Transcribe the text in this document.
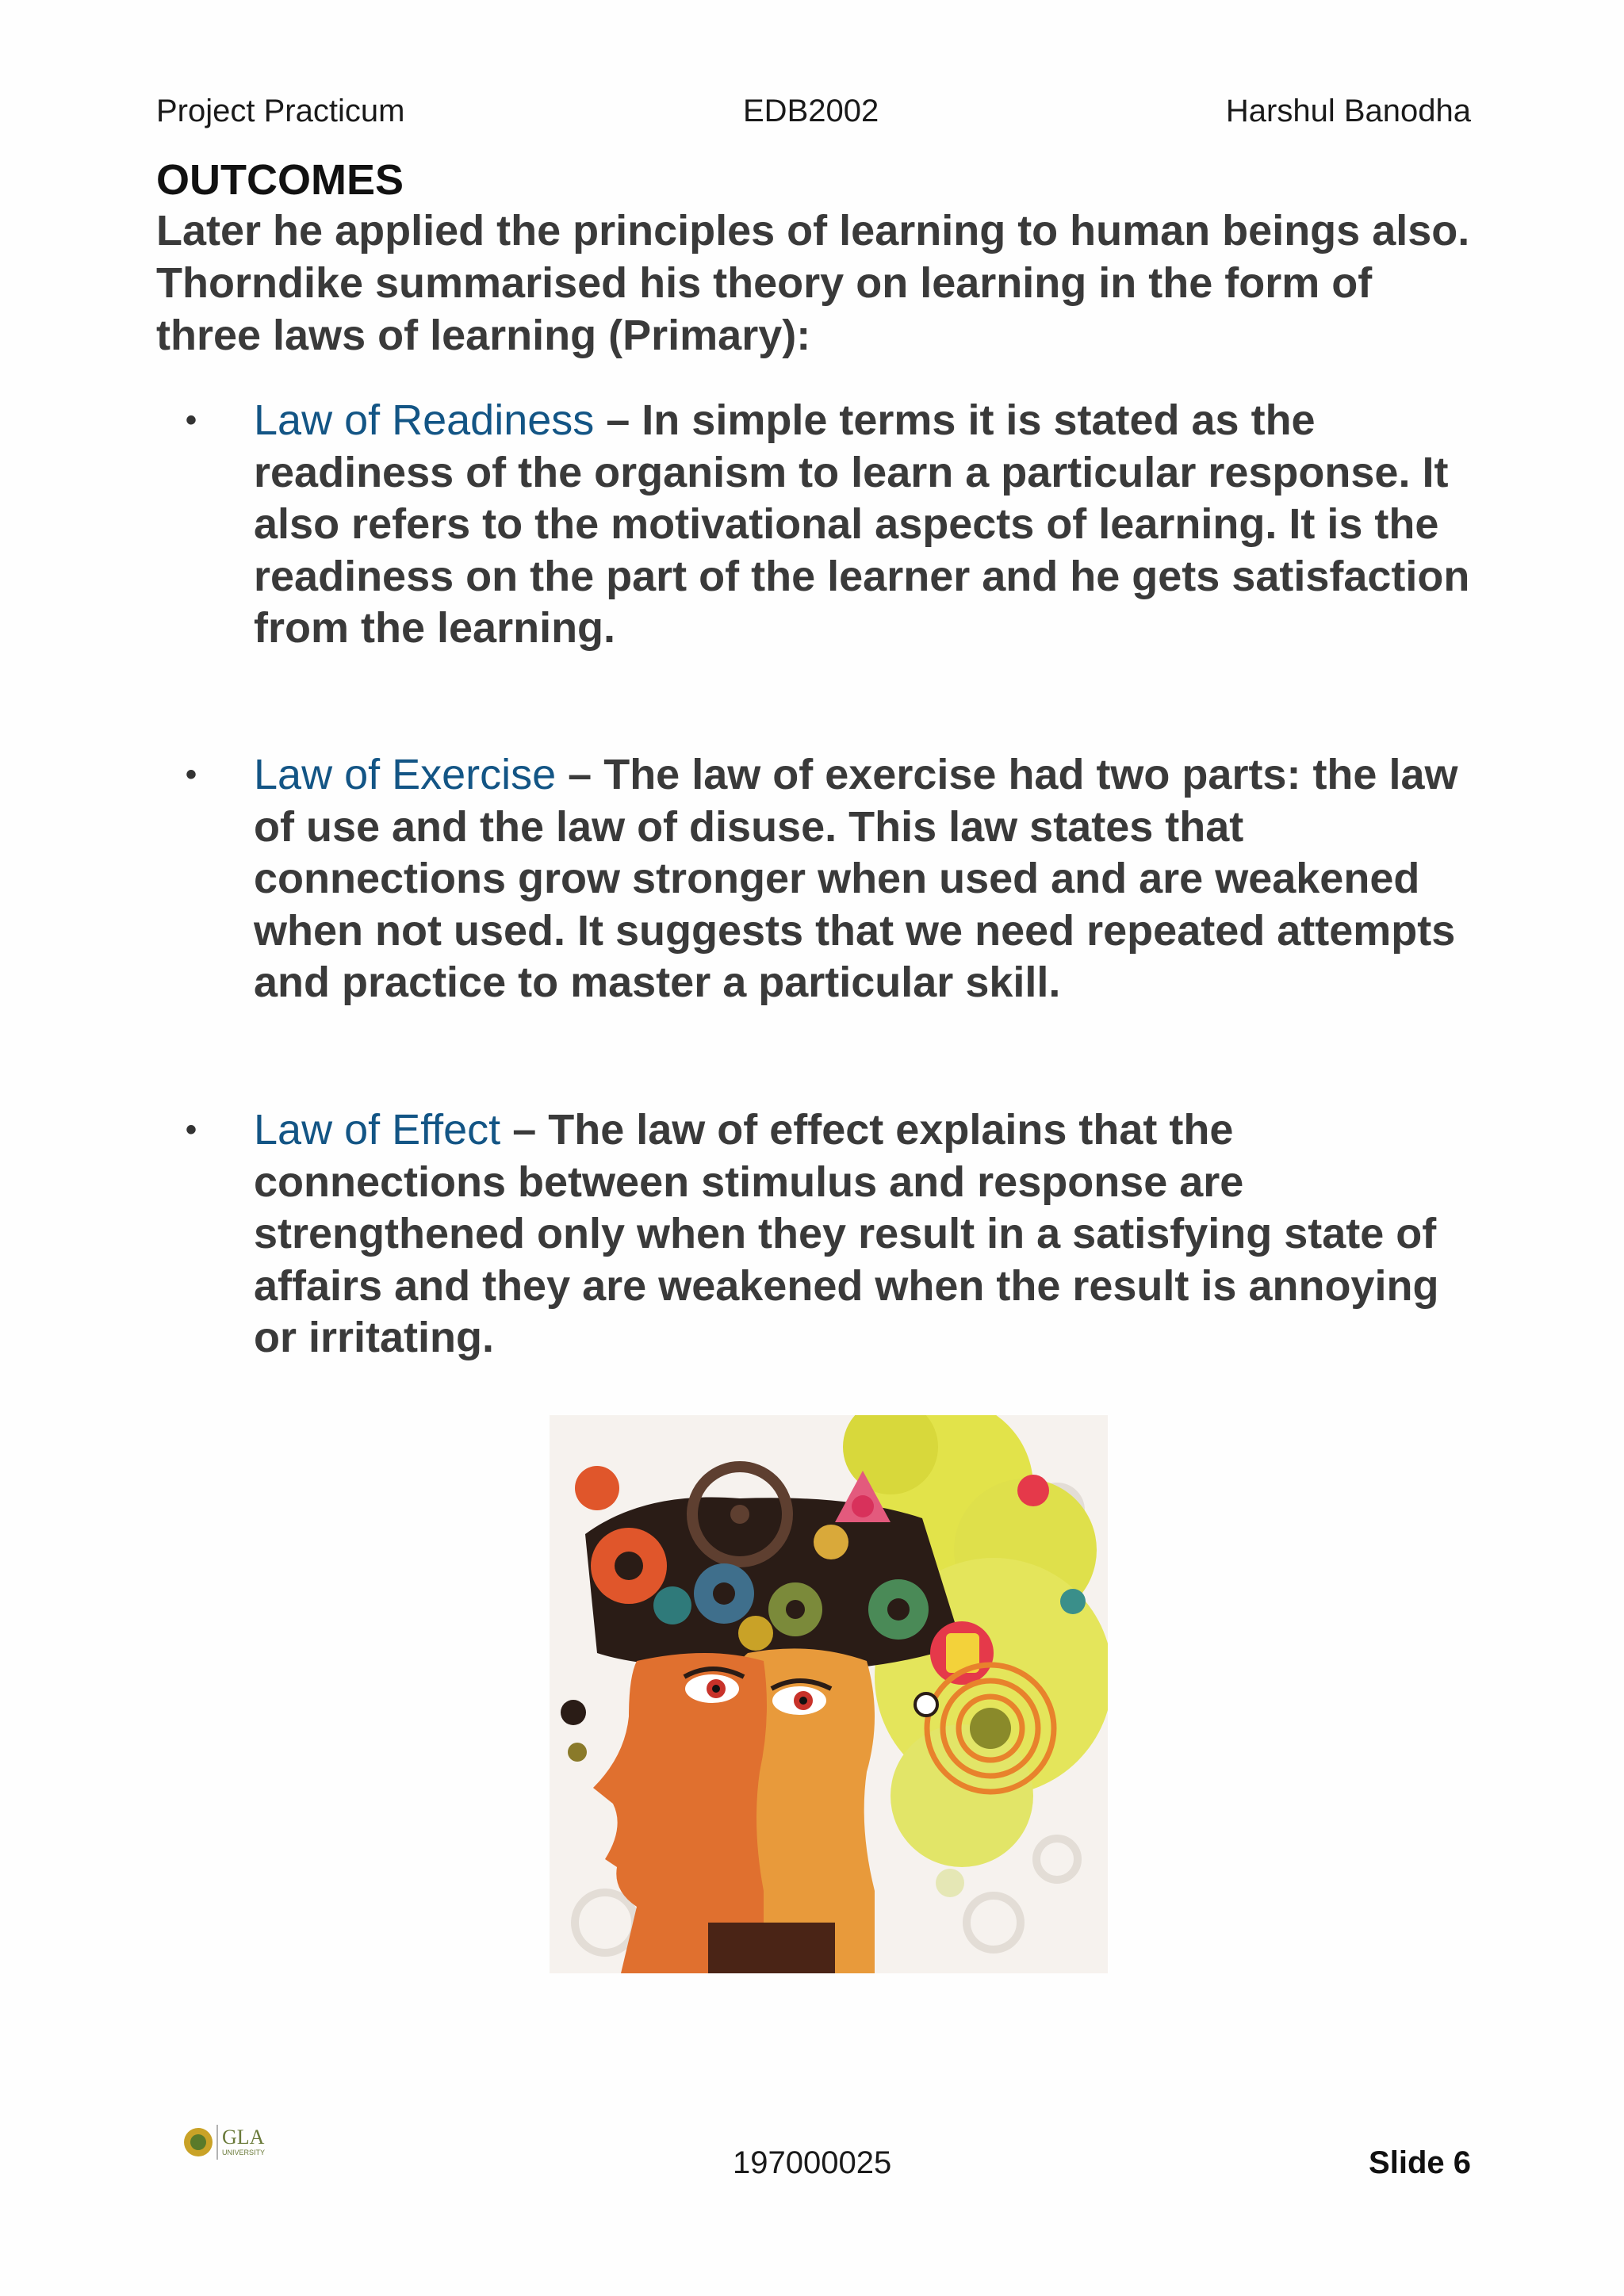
Project Practicum	EDB2002	Harshul Banodha
OUTCOMES
Later he applied the principles of learning to human beings also. Thorndike summarised his theory on learning in the form of three laws of learning (Primary):
• Law of Readiness – In simple terms it is stated as the readiness of the organism to learn a particular response. It also refers to the motivational aspects of learning. It is the readiness on the part of the learner and he gets satisfaction from the learning.
• Law of Exercise – The law of exercise had two parts: the law of use and the law of disuse. This law states that connections grow stronger when used and are weakened when not used. It suggests that we need repeated attempts and practice to master a particular skill.
• Law of Effect – The law of effect explains that the connections between stimulus and response are strengthened only when they result in a satisfying state of affairs and they are weakened when the result is annoying or irritating.
GLA
UNIVERSITY	197000025	Slide 6
